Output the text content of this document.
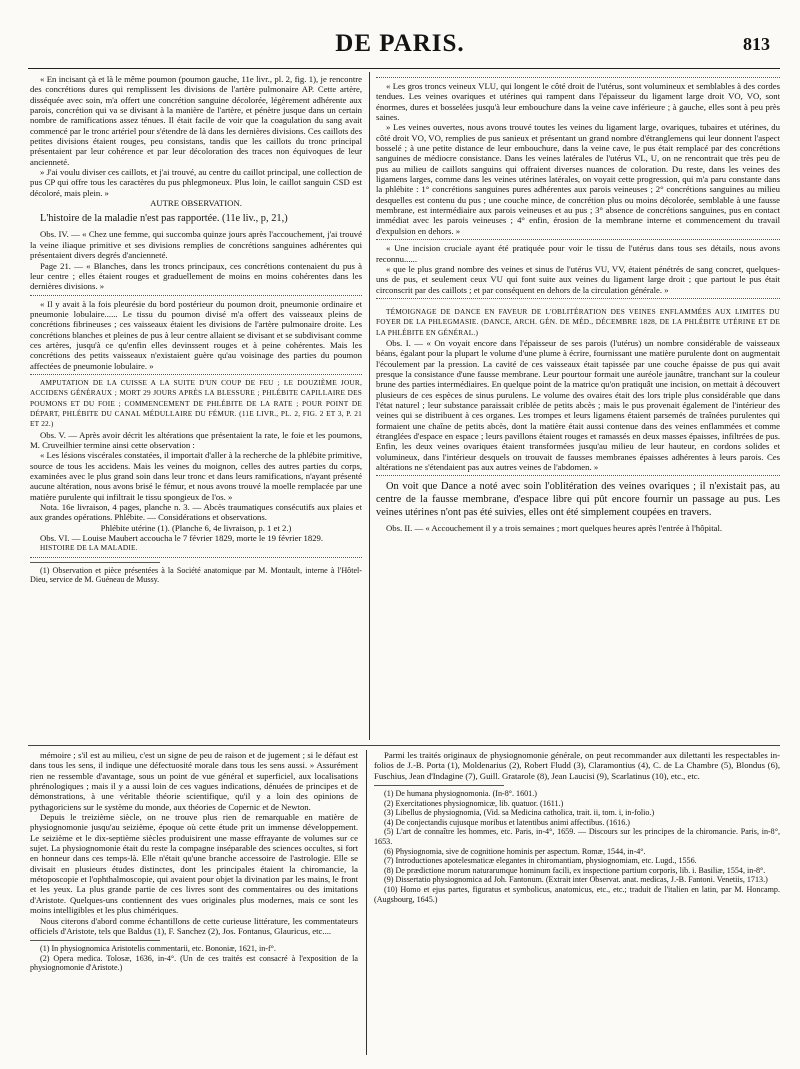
DE PARIS.	813

« En incisant çà et là le même poumon (poumon gauche, 11e livr., pl. 2, fig. 1), je rencontre des concrétions dures qui remplissent les divisions de l'artère pulmonaire AP. Cette artère, disséquée avec soin, m'a offert une concrétion sanguine décolorée, légèrement adhérente aux parois, concrétion qui va se divisant à la manière de l'artère, et pénètre jusque dans un certain nombre de ramifications assez ténues. Il était facile de voir que la coagulation du sang avait commencé par le tronc artériel pour s'étendre de là dans les dernières divisions. Ces caillots des petites divisions étaient rouges, peu consistans, tandis que les caillots du tronc principal présentaient par leur cohérence et par leur décoloration des traces non équivoques de leur ancienneté.

» J'ai voulu diviser ces caillots, et j'ai trouvé, au centre du caillot principal, une collection de pus CP qui offre tous les caractères du pus phlegmoneux. Plus loin, le caillot sanguin CSD est décoloré, mais plein. »

AUTRE OBSERVATION.

L'histoire de la maladie n'est pas rapportée. (11e liv., p, 21,)

Obs. IV. — « Chez une femme, qui succomba quinze jours après l'accouchement, j'ai trouvé la veine iliaque primitive et ses divisions remplies de concrétions sanguines adhérentes qui présentaient divers degrés d'ancienneté.

Page 21. — « Blanches, dans les troncs principaux, ces concrétions contenaient du pus à leur centre ; elles étaient rouges et graduellement de moins en moins cohérentes dans les dernières divisions. »

« Il y avait à la fois pleurésie du bord postérieur du poumon droit, pneumonie ordinaire et pneumonie lobulaire...... Le tissu du poumon divisé m'a offert des vaisseaux pleins de concrétions fibrineuses ; ces vaisseaux étaient les divisions de l'artère pulmonaire droite. Les concrétions blanches et pleines de pus à leur centre allaient se divisant et se subdivisant comme ces artères, jusqu'à ce qu'enfin elles devinssent rouges et à peine cohérentes. Mais les concrétions des petits vaisseaux n'existaient guère qu'au voisinage des parties du poumon affectées de pneumonie lobulaire. »

AMPUTATION DE LA CUISSE A LA SUITE D'UN COUP DE FEU ; LE DOUZIÈME JOUR, ACCIDENS GÉNÉRAUX ; MORT 29 JOURS APRÈS LA BLESSURE ; PHLÉBITE CAPILLAIRE DES POUMONS ET DU FOIE ; COMMENCEMENT DE PHLÉBITE DE LA RATE ; POUR POINT DE DÉPART, PHLÉBITE DU CANAL MÉDULLAIRE DU FÉMUR. (11E LIVR., PL. 2, FIG. 2 ET 3, P. 21 ET 22.)

Obs. V. — Après avoir décrit les altérations que présentaient la rate, le foie et les poumons, M. Cruveilhier termine ainsi cette observation :

« Les lésions viscérales constatées, il importait d'aller à la recherche de la phlébite primitive, source de tous les accidens. Mais les veines du moignon, celles des autres parties du corps, examinées avec le plus grand soin dans leur tronc et dans leurs ramifications, n'ayant présenté aucune altération, nous avons brisé le fémur, et nous avons trouvé la moelle remplacée par une matière purulente qui infiltrait le tissu spongieux de l'os. »

Nota. 16e livraison, 4 pages, planche n. 3. — Abcès traumatiques consécutifs aux plaies et aux grandes opérations. Phlébite. — Considérations et observations.

Phlébite utérine (1). (Planche 6, 4e livraison, p. 1 et 2.)

Obs. VI. — Louise Maubert accoucha le 7 février 1829, morte le 19 février 1829.

HISTOIRE DE LA MALADIE.

(1) Observation et pièce présentées à la Société anatomique par M. Montault, interne à l'Hôtel-Dieu, service de M. Guéneau de Mussy.

« Les gros troncs veineux VLU, qui longent le côté droit de l'utérus, sont volumineux et semblables à des cordes tendues. Les veines ovariques et utérines qui rampent dans l'épaisseur du ligament large droit VO, VO, sont énormes, dures et bosselées jusqu'à leur embouchure dans la veine cave inférieure ; à gauche, elles sont à peu près saines.

» Les veines ouvertes, nous avons trouvé toutes les veines du ligament large, ovariques, tubaires et utérines, du côté droit VO, VO, remplies de pus sanieux et présentant un grand nombre d'étranglemens qui leur donnent l'aspect bosselé ; à une petite distance de leur embouchure, dans la veine cave, le pus était remplacé par des concrétions sanguines de médiocre consistance. Dans les veines latérales de l'utérus VL, U, on ne rencontrait que très peu de pus au milieu de caillots sanguins qui offraient diverses nuances de coloration. Du reste, dans les veines des ligamens larges, comme dans les veines utérines latérales, on voyait cette progression, qui m'a paru constante dans la phlébite : 1° concrétions sanguines pures adhérentes aux parois veineuses ; 2° concrétions sanguines au milieu desquelles est contenu du pus ; une couche mince, de concrétion plus ou moins décolorée, semblable à une fausse membrane, est intermédiaire aux parois veineuses et au pus ; 3° absence de concrétions sanguines, pus en contact immédiat avec les parois veineuses ; 4° enfin, érosion de la membrane interne et commencement du travail d'expulsion en dehors. »

« Une incision cruciale ayant été pratiquée pour voir le tissu de l'utérus dans tous ses détails, nous avons reconnu......

« que le plus grand nombre des veines et sinus de l'utérus VU, VV, étaient pénétrés de sang concret, quelques-uns de pus, et seulement ceux VU qui font suite aux veines du ligament large droit ; que partout le pus était circonscrit par des caillots ; et par conséquent en dehors de la circulation générale. »

TÉMOIGNAGE DE DANCE EN FAVEUR DE L'OBLITÉRATION DES VEINES ENFLAMMÉES AUX LIMITES DU FOYER DE LA PHLEGMASIE. (DANCE, ARCH. GÉN. DE MÉD., DÉCEMBRE 1828, DE LA PHLÉBITE UTÉRINE ET DE LA PHLÉBITE EN GÉNÉRAL.)

Obs. I. — « On voyait encore dans l'épaisseur de ses parois (l'utérus) un nombre considérable de vaisseaux béans, égalant pour la plupart le volume d'une plume à écrire, fournissant une matière purulente dont on augmentait l'écoulement par la pression. La cavité de ces vaisseaux était tapissée par une couche épaisse de pus qui avait presque la consistance d'une fausse membrane. Leur pourtour formait une auréole jaunâtre, tranchant sur la couleur brune des parties intermédiaires. En quelque point de la matrice qu'on pratiquât une incision, on mettait à découvert plusieurs de ces espèces de sinus purulens. Le volume des ovaires était des lors triple plus considérable que dans l'état naturel ; leur substance paraissait criblée de petits abcès ; mais le pus provenait également de l'intérieur des veines qui se distribuent à ces organes. Les trompes et leurs ligamens étaient parsemés de traînées purulentes qui formaient une chaîne de petits abcès, dont la matière était aussi contenue dans des veines enflammées et comme étranglées d'espace en espace ; leurs pavillons étaient rouges et ramassés en deux masses épaisses, infiltrées de pus. Enfin, les deux veines ovariques étaient transformées jusqu'au milieu de leur hauteur, en cordons solides et volumineux, dans l'intérieur desquels on trouvait de fausses membranes épaisses adhérentes à leurs parois. Ces altérations ne s'étendaient pas aux autres veines de l'abdomen. »

On voit que Dance a noté avec soin l'oblitération des veines ovariques ; il n'existait pas, au centre de la fausse membrane, d'espace libre qui pût encore fournir un passage au pus. Les veines utérines n'ont pas été suivies, elles ont été simplement coupées en travers.

Obs. II. — « Accouchement il y a trois semaines ; mort quelques heures après l'entrée à l'hôpital.

mémoire ; s'il est au milieu, c'est un signe de peu de raison et de jugement ; si le défaut est dans tous les sens, il indique une défectuosité morale dans tous les sens aussi. » Assurément rien ne ressemble d'avantage, sous un point de vue général et superficiel, aux localisations phrénologiques ; mais il y a aussi loin de ces vagues indications, dénuées de principes et de démonstrations, à une véritable théorie scientifique, qu'il y a loin des opinions de pythagoriciens sur le système du monde, aux théories de Copernic et de Newton.

Depuis le treizième siècle, on ne trouve plus rien de remarquable en matière de physiognomonie jusqu'au seizième, époque où cette étude prit un immense développement. Le seizième et le dix-septième siècles produisirent une masse effrayante de volumes sur ce sujet. La physiognomonie était du reste la compagne inséparable des sciences occultes, si fort en honneur dans ces temps-là. Elle n'était qu'une branche accessoire de l'astrologie. Elle se divisait en plusieurs études distinctes, dont les principales étaient la chiromancie, la métoposcopie et l'ophthalmoscopie, qui avaient pour objet la divination par les mains, le front et les yeux. La plus grande partie de ces livres sont des commentaires ou des imitations d'Aristote. Quelques-uns contiennent des vues originales plus modernes, mais ce sont les moins intelligibles et les plus chimériques.

Nous citerons d'abord comme échantillons de cette curieuse littérature, les commentateurs officiels d'Aristote, tels que Baldus (1), F. Sanchez (2), Jos. Fontanus, Glauricus, etc....

(1) In physiognomica Aristotelis commentarii, etc. Bononiæ, 1621, in-f°.

(2) Opera medica. Tolosæ, 1636, in-4°. (Un de ces traités est consacré à l'exposition de la physiognomonie d'Aristote.)

Parmi les traités originaux de physiognomonie générale, on peut recommander aux dilettanti les respectables in-folios de J.-B. Porta (1), Moldenarius (2), Robert Fludd (3), Claramontius (4), C. de La Chambre (5), Blondus (6), Fuschius, Jean d'Indagine (7), Guill. Gratarole (8), Jean Laucisi (9), Scarlatinus (10), etc., etc.

(1) De humana physiognomonia. (In-8°. 1601.)

(2) Exercitationes physiognomicæ, lib. quatuor. (1611.)

(3) Libellus de physiognomia, (Vid. sa Medicina catholica, trait. ii, tom. i, in-folio.)

(4) De conjectandis cujusque moribus et latentibus animi affectibus. (1616.)

(5) L'art de connaître les hommes, etc. Paris, in-4°, 1659. — Discours sur les principes de la chiromancie. Paris, in-8°, 1653.

(6) Physiognomia, sive de cognitione hominis per aspectum. Romæ, 1544, in-4°.

(7) Introductiones apotelesmaticæ elegantes in chiromantiam, physiognomiam, etc. Lugd., 1556.

(8) De prædictione morum naturarumque hominum facili, ex inspectione partium corporis, lib. i. Basiliæ, 1554, in-8°.

(9) Dissertatio physiognomica ad Joh. Fantonum. (Extrait inter Observat. anat. medicas, J.-B. Fantoni. Venetiis, 1713.)

(10) Homo et ejus partes, figuratus et symbolicus, anatomicus, etc., etc.; traduit de l'italien en latin, par M. Honcamp. (Augsbourg, 1645.)
